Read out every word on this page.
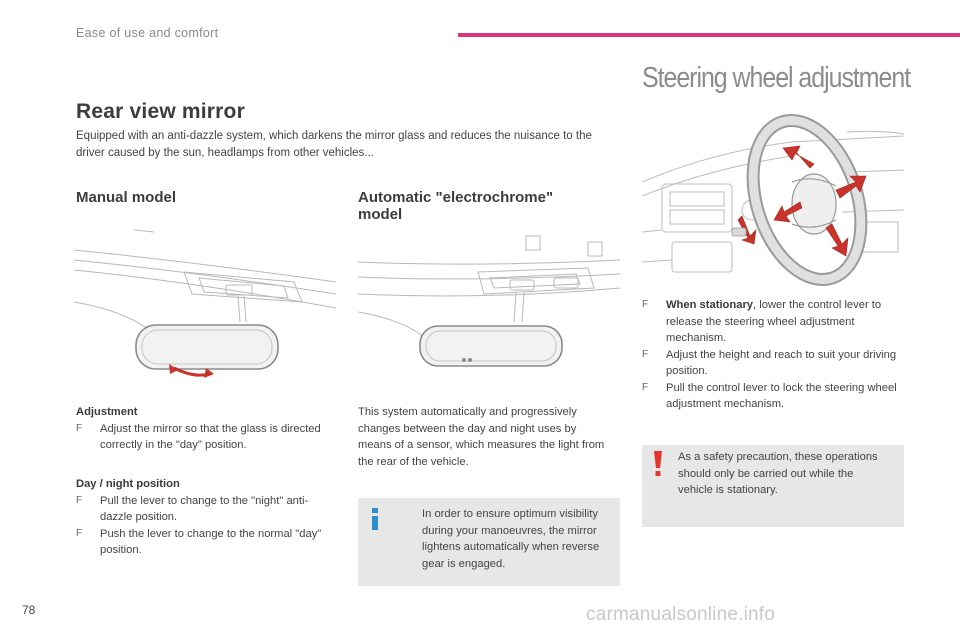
Ease of use and comfort
Rear view mirror
Equipped with an anti-dazzle system, which darkens the mirror glass and reduces the nuisance to the driver caused by the sun, headlamps from other vehicles...
Manual model	Automatic "electrochrome"
model
Adjustment
F Adjust the mirror so that the glass is directed correctly in the "day" position.
Day / night position
F Pull the lever to change to the "night" anti-dazzle position.
F Push the lever to change to the normal "day" position.
This system automatically and progressively changes between the day and night uses by means of a sensor, which measures the light from the rear of the vehicle.
In order to ensure optimum visibility during your manoeuvres, the mirror lightens automatically when reverse gear is engaged.
Steering wheel adjustment
F When stationary, lower the control lever to release the steering wheel adjustment mechanism.
F Adjust the height and reach to suit your driving position.
F Pull the control lever to lock the steering wheel adjustment mechanism.
As a safety precaution, these operations should only be carried out while the vehicle is stationary.
78	carmanualsonline.info
